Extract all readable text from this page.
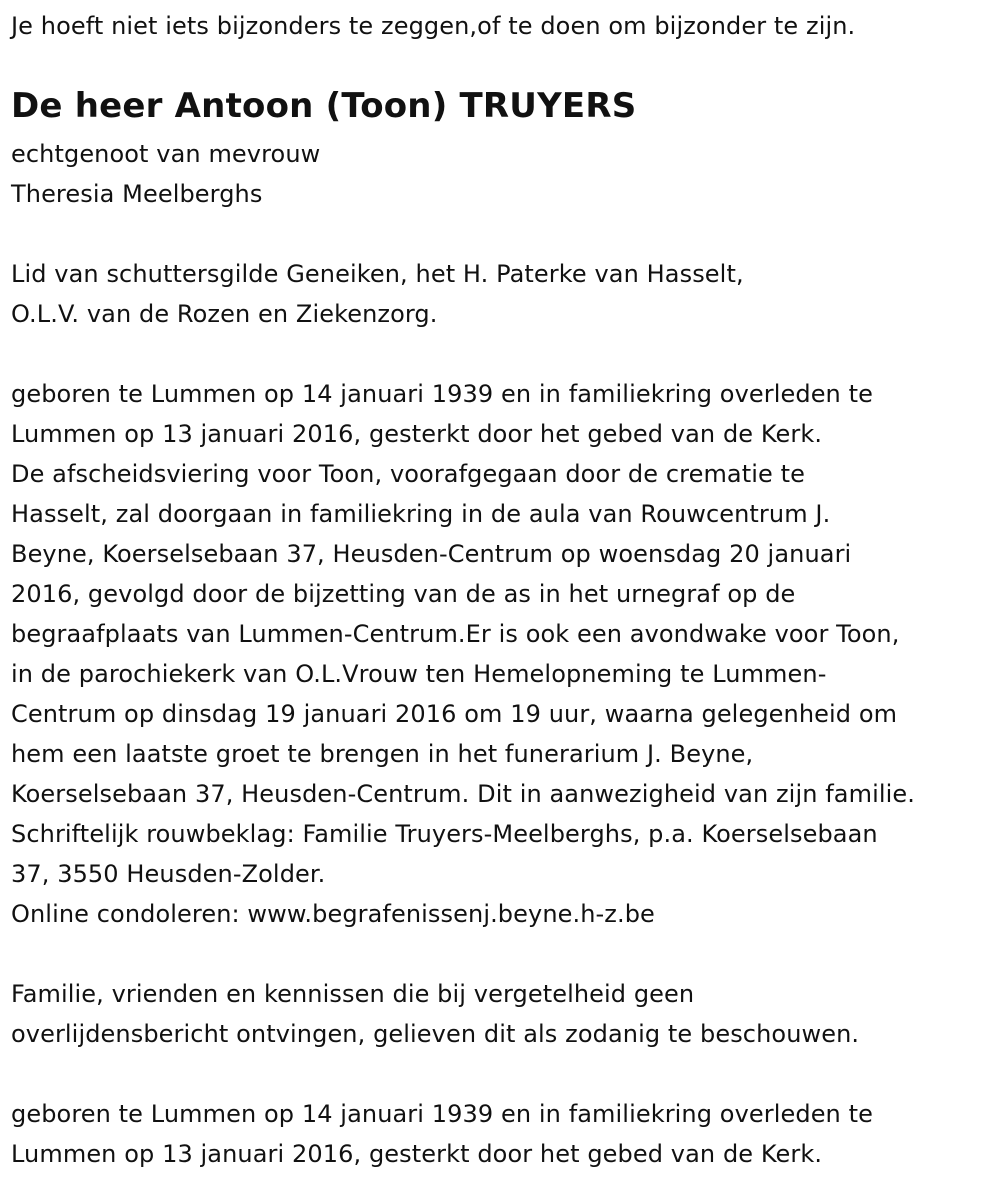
Je hoeft niet iets bijzonders te zeggen,of te doen om bijzonder te zijn.
De heer Antoon (Toon) TRUYERS
echtgenoot van mevrouw
Theresia Meelberghs
Lid van schuttersgilde Geneiken, het H. Paterke van Hasselt,
O.L.V. van de Rozen en Ziekenzorg.
geboren te Lummen op 14 januari 1939 en in familiekring overleden te
Lummen op 13 januari 2016, gesterkt door het gebed van de Kerk.
De afscheidsviering voor Toon, voorafgegaan door de crematie te
Hasselt, zal doorgaan in familiekring in de aula van Rouwcentrum J.
Beyne, Koerselsebaan 37, Heusden-Centrum op woensdag 20 januari
2016, gevolgd door de bijzetting van de as in het urnegraf op de
begraafplaats van Lummen-Centrum.Er is ook een avondwake voor Toon,
in de parochiekerk van O.L.Vrouw ten Hemelopneming te Lummen-
Centrum op dinsdag 19 januari 2016 om 19 uur, waarna gelegenheid om
hem een laatste groet te brengen in het funerarium J. Beyne,
Koerselsebaan 37, Heusden-Centrum. Dit in aanwezigheid van zijn familie.
Schriftelijk rouwbeklag: Familie Truyers-Meelberghs, p.a. Koerselsebaan
37, 3550 Heusden-Zolder.
Online condoleren: www.begrafenissenj.beyne.h-z.be
Familie, vrienden en kennissen die bij vergetelheid geen
overlijdensbericht ontvingen, gelieven dit als zodanig te beschouwen.
geboren te Lummen op 14 januari 1939 en in familiekring overleden te
Lummen op 13 januari 2016, gesterkt door het gebed van de Kerk.
